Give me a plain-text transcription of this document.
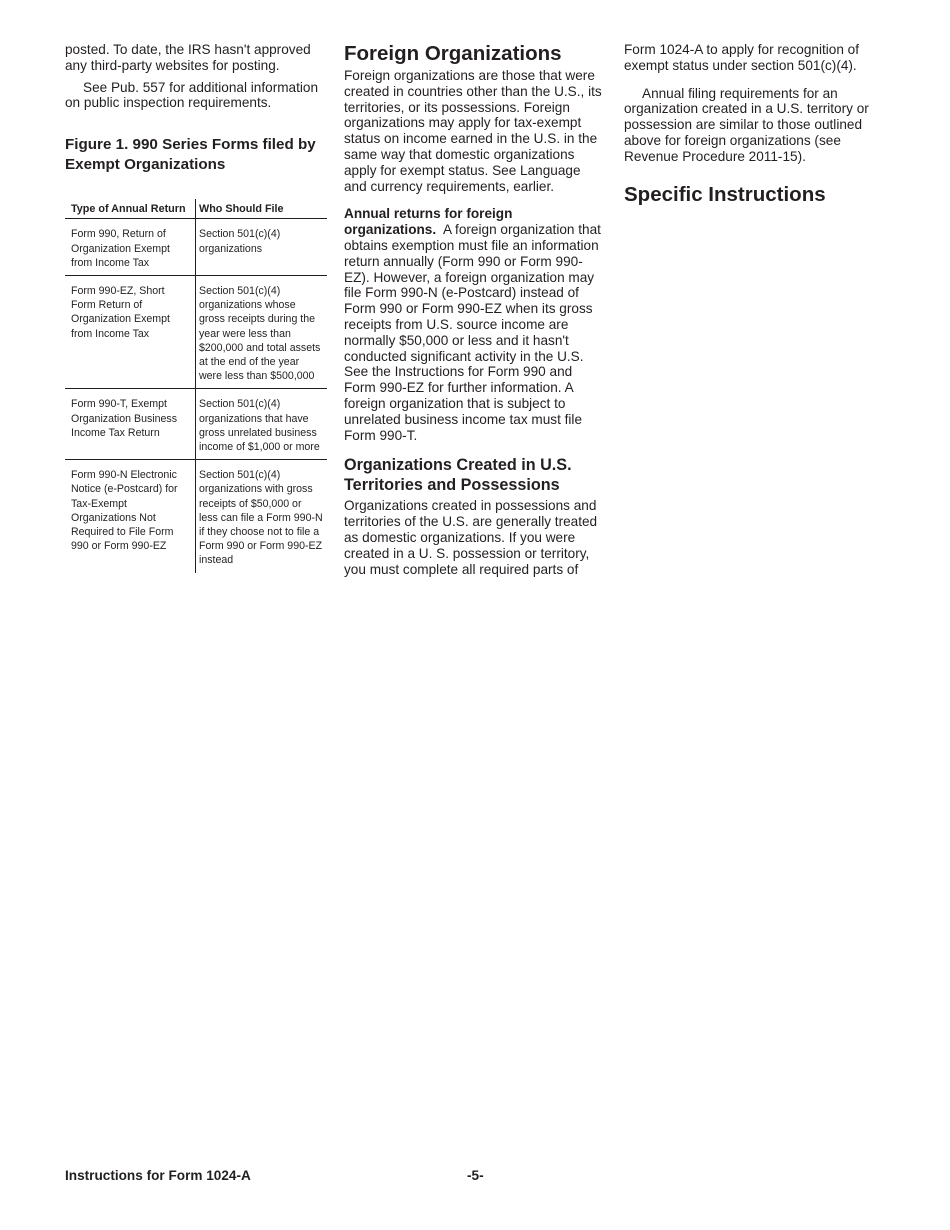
posted. To date, the IRS hasn't approved any third-party websites for posting.

See Pub. 557 for additional information on public inspection requirements.

Figure 1. 990 Series Forms filed by Exempt Organizations
Type of Annual Return	Who Should File
Form 990, Return of Organization Exempt from Income Tax	Section 501(c)(4) organizations
Form 990-EZ, Short Form Return of Organization Exempt from Income Tax	Section 501(c)(4) organizations whose gross receipts during the year were less than $200,000 and total assets at the end of the year were less than $500,000
Form 990-T, Exempt Organization Business Income Tax Return	Section 501(c)(4) organizations that have gross unrelated business income of $1,000 or more
Form 990-N Electronic Notice (e-Postcard) for Tax-Exempt Organizations Not Required to File Form 990 or Form 990-EZ	Section 501(c)(4) organizations with gross receipts of $50,000 or less can file a Form 990-N if they choose not to file a Form 990 or Form 990-EZ instead
Foreign Organizations

Foreign organizations are those that were created in countries other than the U.S., its territories, or its possessions. Foreign organizations may apply for tax-exempt status on income earned in the U.S. in the same way that domestic organizations apply for exempt status. See Language and currency requirements, earlier.

Annual returns for foreign organizations. A foreign organization that obtains exemption must file an information return annually (Form 990 or Form 990-EZ). However, a foreign organization may file Form 990-N (e-Postcard) instead of Form 990 or Form 990-EZ when its gross receipts from U.S. source income are normally $50,000 or less and it hasn't conducted significant activity in the U.S. See the Instructions for Form 990 and Form 990-EZ for further information. A foreign organization that is subject to unrelated business income tax must file Form 990-T.

Organizations Created in U.S. Territories and Possessions

Organizations created in possessions and territories of the U.S. are generally treated as domestic organizations. If you were created in a U. S. possession or territory, you must complete all required parts of

Form 1024-A to apply for recognition of exempt status under section 501(c)(4).

Annual filing requirements for an organization created in a U.S. territory or possession are similar to those outlined above for foreign organizations (see Revenue Procedure 2011-15).

Specific Instructions
Instructions for Form 1024-A	-5-
